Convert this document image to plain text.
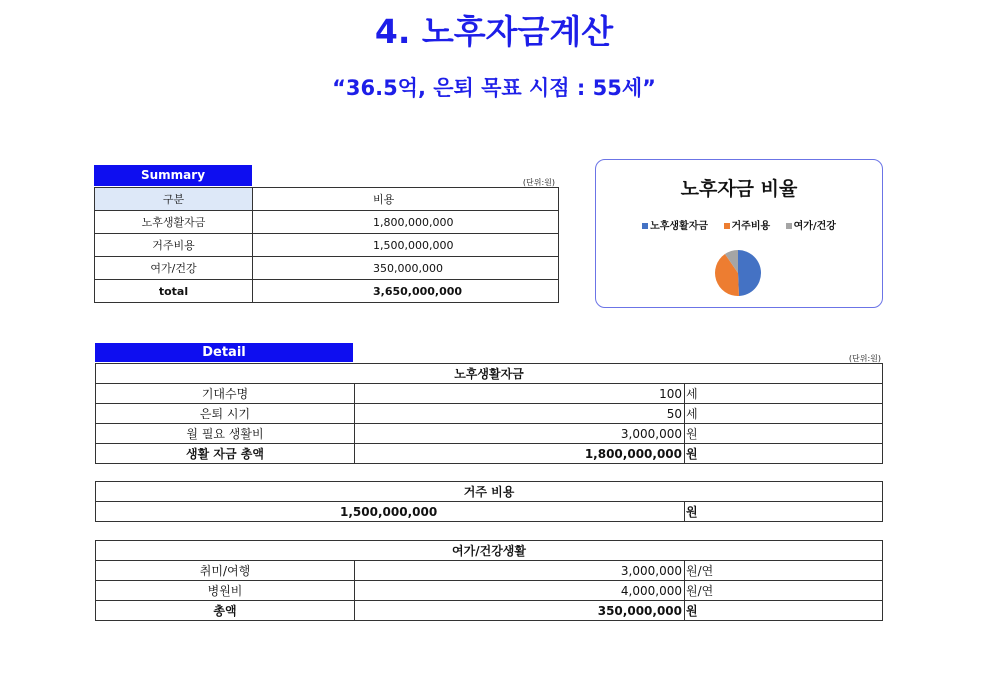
4. 노후자금계산
“36.5억, 은퇴 목표 시점 : 55세”
Summary
(단위:원)
구분	비용
노후생활자금	1,800,000,000
거주비용	1,500,000,000
여가/건강	350,000,000
total	3,650,000,000
노후자금 비율
노후생활자금 거주비용 여가/건강
Detail	(단위:원)
노후생활자금		
기대수명	100	세
은퇴 시기	50	세
월 필요 생활비	3,000,000	원
생활 자금 총액	1,800,000,000	원
거주 비용
1,500,000,000	원
여가/건강생활		
취미/여행	3,000,000	원/연
병원비	4,000,000	원/연
총액	350,000,000	원
